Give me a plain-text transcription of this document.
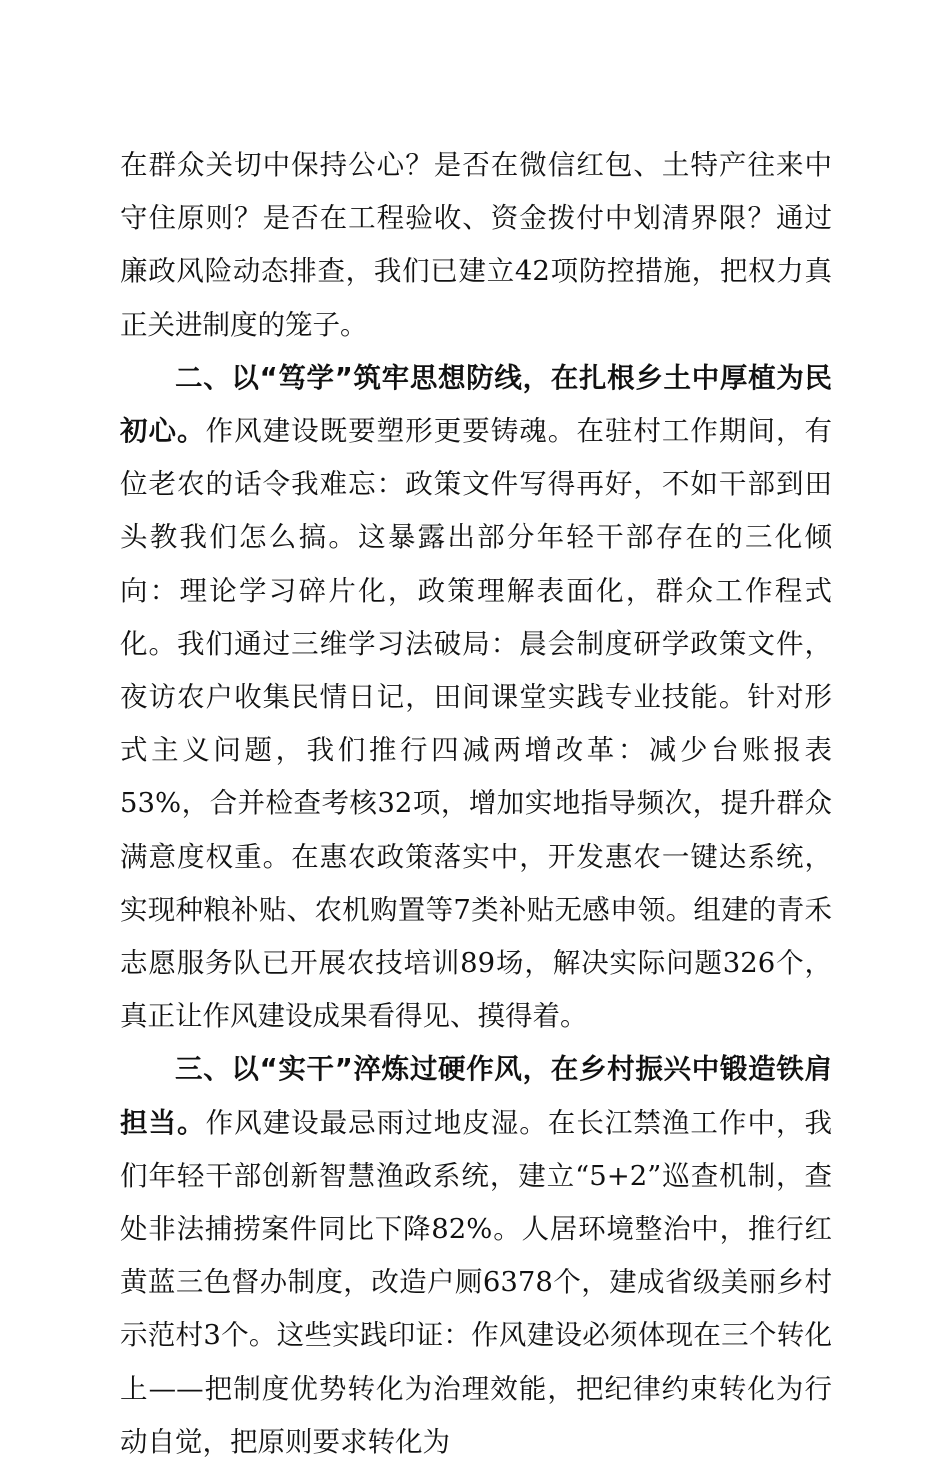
在群众关切中保持公心？是否在微信红包、土特产往来中守住原则？是否在工程验收、资金拨付中划清界限？通过廉政风险动态排查，我们已建立42项防控措施，把权力真正关进制度的笼子。

二、以“笃学”筑牢思想防线，在扎根乡土中厚植为民初心。作风建设既要塑形更要铸魂。在驻村工作期间，有位老农的话令我难忘：政策文件写得再好，不如干部到田头教我们怎么搞。这暴露出部分年轻干部存在的三化倾向：理论学习碎片化，政策理解表面化，群众工作程式化。我们通过三维学习法破局：晨会制度研学政策文件，夜访农户收集民情日记，田间课堂实践专业技能。针对形式主义问题，我们推行四减两增改革：减少台账报表53%，合并检查考核32项，增加实地指导频次，提升群众满意度权重。在惠农政策落实中，开发惠农一键达系统，实现种粮补贴、农机购置等7类补贴无感申领。组建的青禾志愿服务队已开展农技培训89场，解决实际问题326个，真正让作风建设成果看得见、摸得着。

三、以“实干”淬炼过硬作风，在乡村振兴中锻造铁肩担当。作风建设最忌雨过地皮湿。在长江禁渔工作中，我们年轻干部创新智慧渔政系统，建立“5+2”巡查机制，查处非法捕捞案件同比下降82%。人居环境整治中，推行红黄蓝三色督办制度，改造户厕6378个，建成省级美丽乡村示范村3个。这些实践印证：作风建设必须体现在三个转化上——把制度优势转化为治理效能，把纪律约束转化为行动自觉，把原则要求转化为
